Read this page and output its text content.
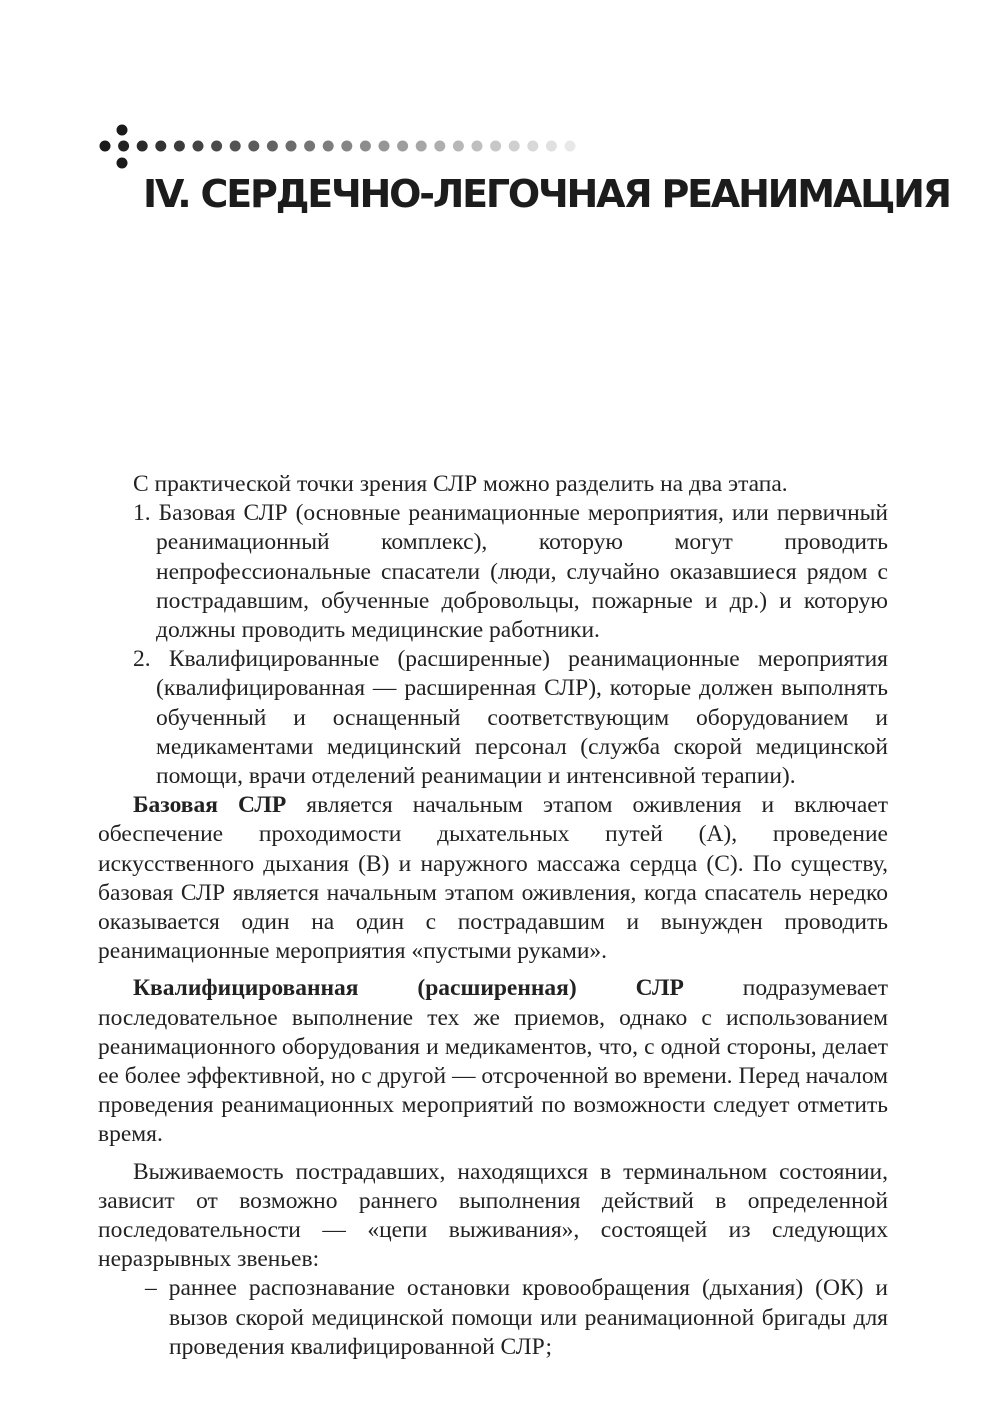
IV. СЕРДЕЧНО-ЛЕГОЧНАЯ РЕАНИМАЦИЯ

С практической точки зрения СЛР можно разделить на два этапа.

1. Базовая СЛР (основные реанимационные мероприятия, или первичный реанимационный комплекс), которую могут проводить непрофессиональные спасатели (люди, случайно оказавшиеся рядом с пострадавшим, обученные добровольцы, пожарные и др.) и которую должны проводить медицинские работники.
2. Квалифицированные (расширенные) реанимационные мероприятия (квалифицированная — расширенная СЛР), которые должен выполнять обученный и оснащенный соответствующим оборудованием и медикаментами медицинский персонал (служба скорой медицинской помощи, врачи отделений реанимации и интенсивной терапии).

Базовая СЛР является начальным этапом оживления и включает обеспечение проходимости дыхательных путей (А), проведение искусственного дыхания (В) и наружного массажа сердца (С). По существу, базовая СЛР является начальным этапом оживления, когда спасатель нередко оказывается один на один с пострадавшим и вынужден проводить реанимационные мероприятия «пустыми руками».

Квалифицированная (расширенная) СЛР подразумевает последовательное выполнение тех же приемов, однако с использованием реанимационного оборудования и медикаментов, что, с одной стороны, делает ее более эффективной, но с другой — отсроченной во времени. Перед началом проведения реанимационных мероприятий по возможности следует отметить время.

Выживаемость пострадавших, находящихся в терминальном состоянии, зависит от возможно раннего выполнения действий в определенной последовательности — «цепи выживания», состоящей из следующих неразрывных звеньев:

– раннее распознавание остановки кровообращения (дыхания) (ОК) и вызов скорой медицинской помощи или реанимационной бригады для проведения квалифицированной СЛР;
